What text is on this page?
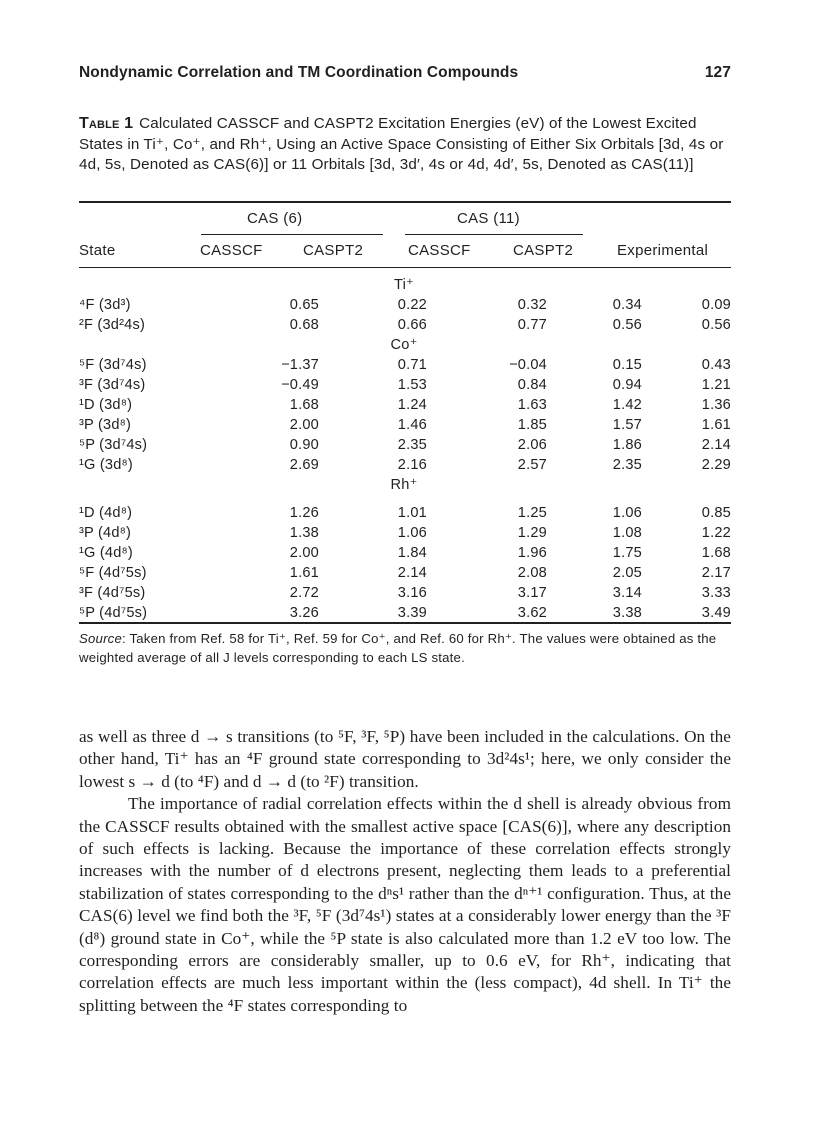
Nondynamic Correlation and TM Coordination Compounds	127
Table 1 Calculated CASSCF and CASPT2 Excitation Energies (eV) of the Lowest Excited States in Ti⁺, Co⁺, and Rh⁺, Using an Active Space Consisting of Either Six Orbitals [3d, 4s or 4d, 5s, Denoted as CAS(6)] or 11 Orbitals [3d, 3d′, 4s or 4d, 4d′, 5s, Denoted as CAS(11)]
CAS (6)	CAS (11)
State	CASSCF	CASPT2	CASSCF	CASPT2	Experimental
Ti⁺
⁴F (3d³)	0.65	0.22	0.32	0.34	0.09
²F (3d²4s)	0.68	0.66	0.77	0.56	0.56
Co⁺
⁵F (3d⁷4s)	−1.37	0.71	−0.04	0.15	0.43
³F (3d⁷4s)	−0.49	1.53	0.84	0.94	1.21
¹D (3d⁸)	1.68	1.24	1.63	1.42	1.36
³P (3d⁸)	2.00	1.46	1.85	1.57	1.61
⁵P (3d⁷4s)	0.90	2.35	2.06	1.86	2.14
¹G (3d⁸)	2.69	2.16	2.57	2.35	2.29
Rh⁺
¹D (4d⁸)	1.26	1.01	1.25	1.06	0.85
³P (4d⁸)	1.38	1.06	1.29	1.08	1.22
¹G (4d⁸)	2.00	1.84	1.96	1.75	1.68
⁵F (4d⁷5s)	1.61	2.14	2.08	2.05	2.17
³F (4d⁷5s)	2.72	3.16	3.17	3.14	3.33
⁵P (4d⁷5s)	3.26	3.39	3.62	3.38	3.49
Source: Taken from Ref. 58 for Ti⁺, Ref. 59 for Co⁺, and Ref. 60 for Rh⁺. The values were obtained as the weighted average of all J levels corresponding to each LS state.

as well as three d → s transitions (to ⁵F, ³F, ⁵P) have been included in the calculations. On the other hand, Ti⁺ has an ⁴F ground state corresponding to 3d²4s¹; here, we only consider the lowest s → d (to ⁴F) and d → d (to ²F) transition.

The importance of radial correlation effects within the d shell is already obvious from the CASSCF results obtained with the smallest active space [CAS(6)], where any description of such effects is lacking. Because the importance of these correlation effects strongly increases with the number of d electrons present, neglecting them leads to a preferential stabilization of states corresponding to the dⁿs¹ rather than the dⁿ⁺¹ configuration. Thus, at the CAS(6) level we find both the ³F, ⁵F (3d⁷4s¹) states at a considerably lower energy than the ³F (d⁸) ground state in Co⁺, while the ⁵P state is also calculated more than 1.2 eV too low. The corresponding errors are considerably smaller, up to 0.6 eV, for Rh⁺, indicating that correlation effects are much less important within the (less compact), 4d shell. In Ti⁺ the splitting between the ⁴F states corresponding to
